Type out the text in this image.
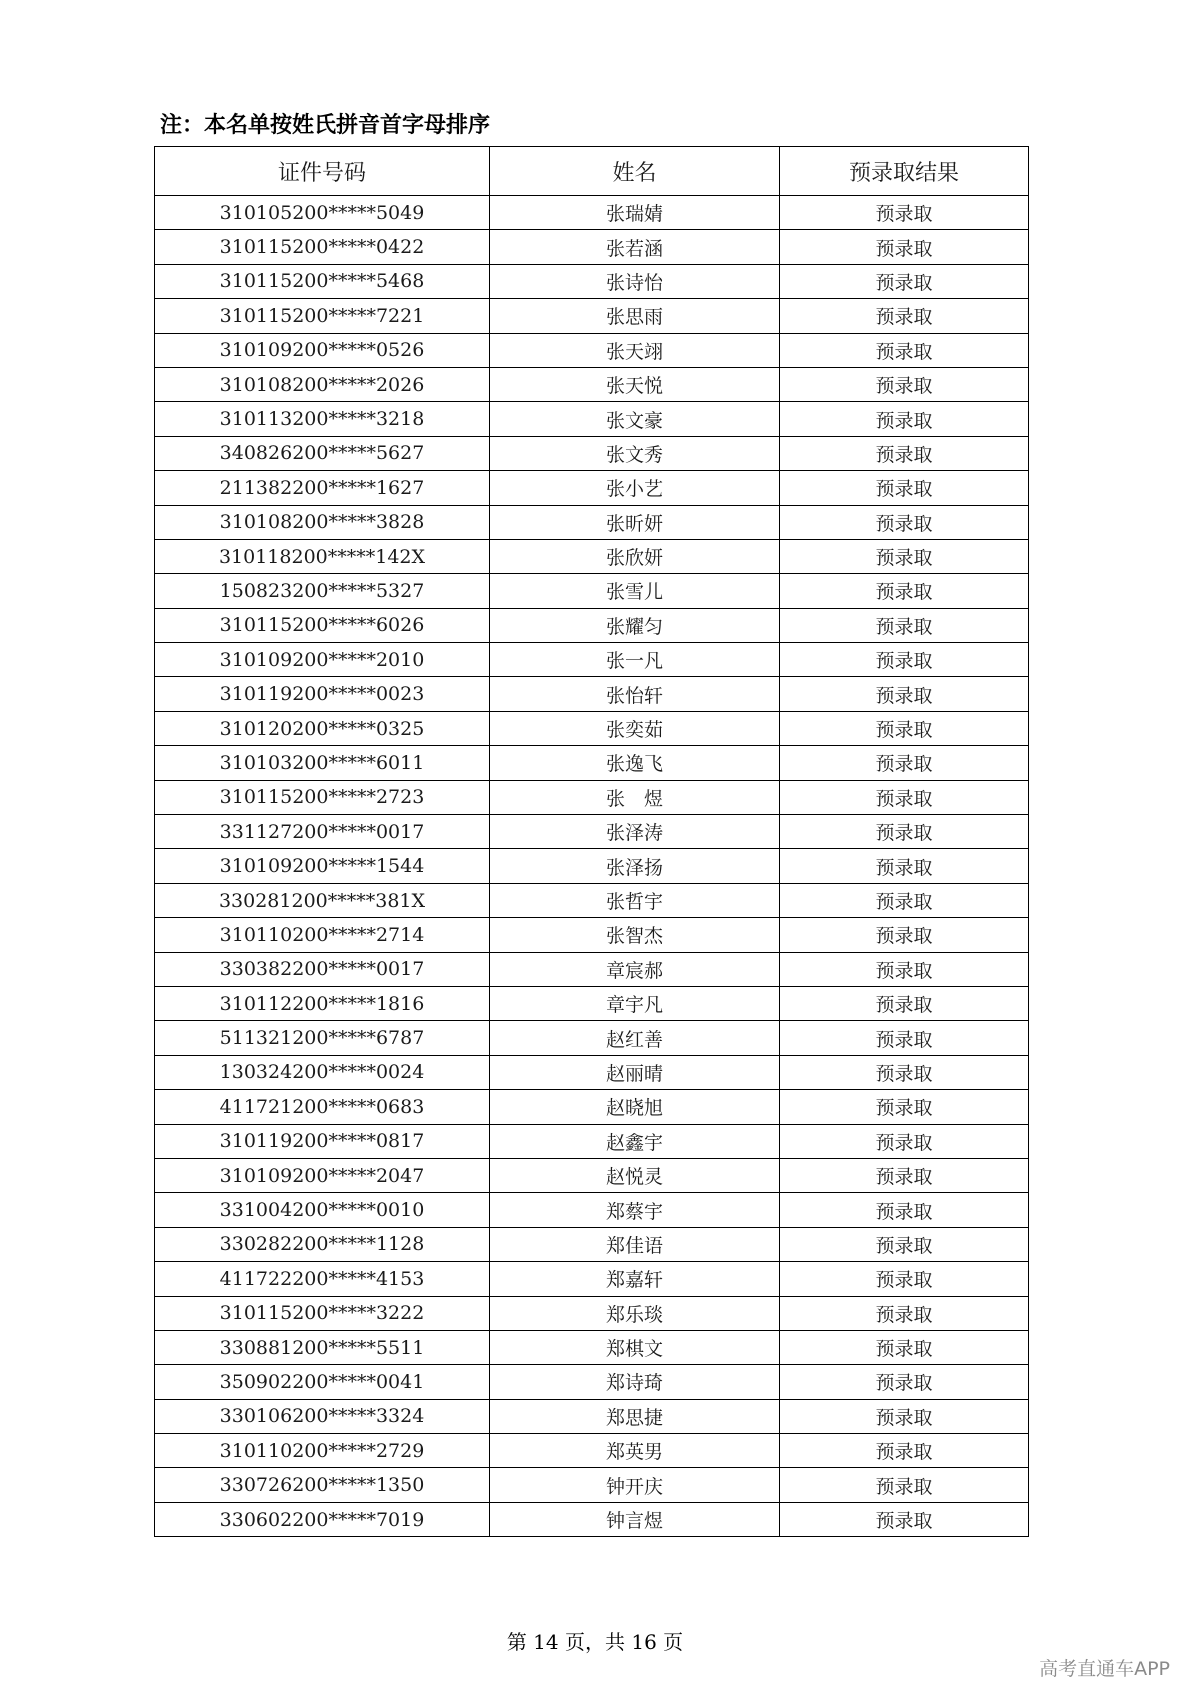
注：本名单按姓氏拼音首字母排序
证件号码	姓名	预录取结果
310105200*****5049	张瑞婧	预录取
310115200*****0422	张若涵	预录取
310115200*****5468	张诗怡	预录取
310115200*****7221	张思雨	预录取
310109200*****0526	张天翊	预录取
310108200*****2026	张天悦	预录取
310113200*****3218	张文豪	预录取
340826200*****5627	张文秀	预录取
211382200*****1627	张小艺	预录取
310108200*****3828	张昕妍	预录取
310118200*****142X	张欣妍	预录取
150823200*****5327	张雪儿	预录取
310115200*****6026	张耀匀	预录取
310109200*****2010	张一凡	预录取
310119200*****0023	张怡轩	预录取
310120200*****0325	张奕茹	预录取
310103200*****6011	张逸飞	预录取
310115200*****2723	张　煜	预录取
331127200*****0017	张泽涛	预录取
310109200*****1544	张泽扬	预录取
330281200*****381X	张哲宇	预录取
310110200*****2714	张智杰	预录取
330382200*****0017	章宸郝	预录取
310112200*****1816	章宇凡	预录取
511321200*****6787	赵红善	预录取
130324200*****0024	赵丽晴	预录取
411721200*****0683	赵晓旭	预录取
310119200*****0817	赵鑫宇	预录取
310109200*****2047	赵悦灵	预录取
331004200*****0010	郑蔡宇	预录取
330282200*****1128	郑佳语	预录取
411722200*****4153	郑嘉轩	预录取
310115200*****3222	郑乐琰	预录取
330881200*****5511	郑棋文	预录取
350902200*****0041	郑诗琦	预录取
330106200*****3324	郑思捷	预录取
310110200*****2729	郑英男	预录取
330726200*****1350	钟开庆	预录取
330602200*****7019	钟言煜	预录取
第 14 页，共 16 页
高考直通车APP
